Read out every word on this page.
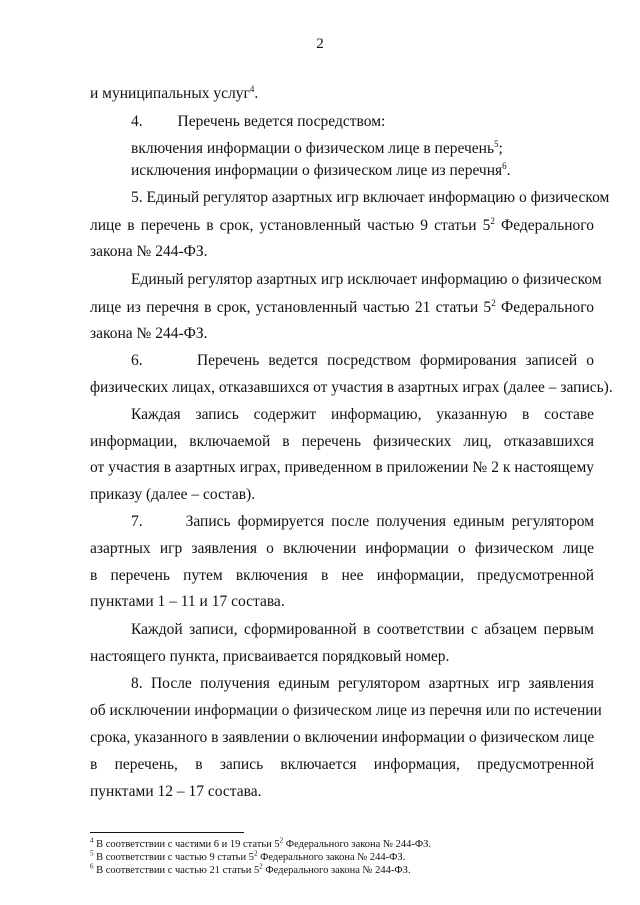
2
и муниципальных услуг$^4$.
4.         Перечень ведется посредством:
включения информации о физическом лице в перечень$^5$;
исключения информации о физическом лице из перечня$^6$.
5. Единый регулятор азартных игр включает информацию о физическом
лице в перечень в срок, установленный частью 9 статьи $5^2$ Федерального
закона № 244-ФЗ.
Единый регулятор азартных игр исключает информацию о физическом
лице из перечня в срок, установленный частью 21 статьи $5^2$ Федерального
закона № 244-ФЗ.
6.      Перечень ведется посредством формирования записей о
физических лицах, отказавшихся от участия в азартных играх (далее – запись).
Каждая запись содержит информацию, указанную в составе
информации, включаемой в перечень физических лиц, отказавшихся
от участия в азартных играх, приведенном в приложении № 2 к настоящему
приказу (далее – состав).
7.      Запись формируется после получения единым регулятором
азартных игр заявления о включении информации о физическом лице
в перечень путем включения в нее информации, предусмотренной
пунктами 1 – 11 и 17 состава.
Каждой записи, сформированной в соответствии с абзацем первым
настоящего пункта, присваивается порядковый номер.
8. После получения единым регулятором азартных игр заявления
об исключении информации о физическом лице из перечня или по истечении
срока, указанного в заявлении о включении информации о физическом лице
в перечень, в запись включается информация, предусмотренной
пунктами 12 – 17 состава.
$^4$ В соответствии с частями 6 и 19 статьи $5^2$ Федерального закона № 244-ФЗ.
$^5$ В соответствии с частью 9 статьи $5^2$ Федерального закона № 244-ФЗ.
$^6$ В соответствии с частью 21 статьи $5^2$ Федерального закона № 244-ФЗ.
